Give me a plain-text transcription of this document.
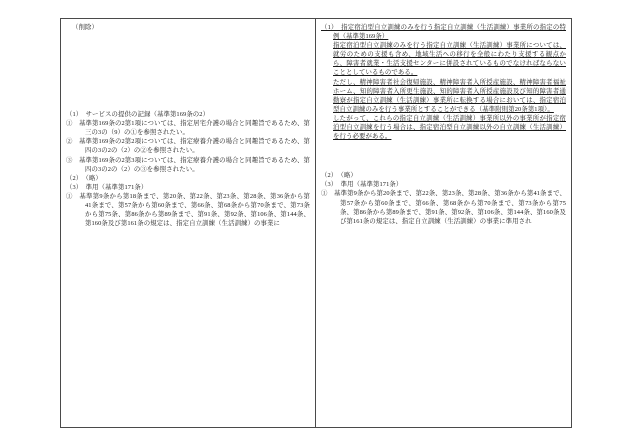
（削除）
（1）　サービスの提供の記録（基準第169条の2）
①　基準第169条の2第1項については、指定居宅介護の場合と同趣旨であるため、第三の3の（9）の①を参照されたい。
②　基準第169条の2第2項については、指定療養介護の場合と同趣旨であるため、第四の3の2の（2）の②を参照されたい。
③　基準第169条の2第3項については、指定療養介護の場合と同趣旨であるため、第四の3の2の（2）の③を参照されたい。
（2）　（略）
（3）　準用（基準第171条）
①　基準第9条から第18条まで、第20条、第22条、第23条、第28条、第36条から第41条まで、第57条から第60条まで、第66条、第68条から第70条まで、第73条から第75条、第86条から第89条まで、第91条、第92条、第106条、第144条、第160条及び第161条の規定は、指定自立訓練（生活訓練）の事業に
（1）　指定宿泊型自立訓練のみを行う指定自立訓練（生活訓練）事業所の指定の特例（基準第169条）
指定宿泊型自立訓練のみを行う指定自立訓練（生活訓練）事業所については、就労のための支援も含め、地域生活への移行を全般にわたり支援する観点から、障害者就業・生活支援センターに併設されているものでなければならないこととしているものである。
ただし、精神障害者社会復帰施設、精神障害者入所授産施設、精神障害者福祉ホーム、知的障害者入所更生施設、知的障害者入所授産施設及び知的障害者通勤寮が指定自立訓練（生活訓練）事業所に転換する場合においては、指定宿泊型自立訓練のみを行う事業所とすることができる（基準附則第20条第1項）。
したがって、これらの指定自立訓練（生活訓練）事業所以外の事業所が指定宿泊型自立訓練を行う場合は、指定宿泊型自立訓練以外の自立訓練（生活訓練）を行う必要がある。
（2）　（略）
（3）　準用（基準第171条）
①　基準第9条から第20条まで、第22条、第23条、第28条、第36条から第41条まで、第57条から第60条まで、第66条、第68条から第70条まで、第73条から第75条、第86条から第89条まで、第91条、第92条、第106条、第144条、第160条及び第161条の規定は、指定自立訓練（生活訓練）の事業に準用され
